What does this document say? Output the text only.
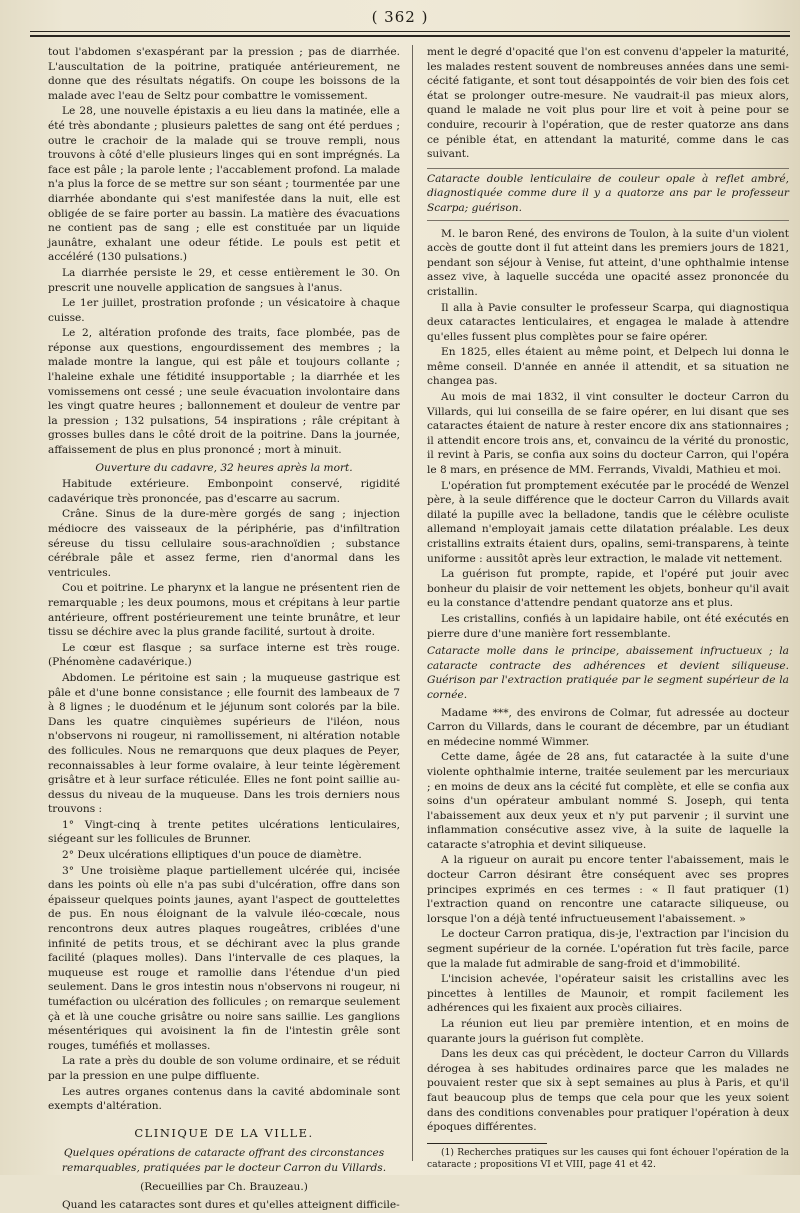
( 362 )

tout l'abdomen s'exaspérant par la pression ; pas de diarrhée. L'auscultation de la poitrine, pratiquée antérieurement, ne donne que des résultats négatifs. On coupe les boissons de la malade avec l'eau de Seltz pour combattre le vomissement.

Le 28, une nouvelle épistaxis a eu lieu dans la matinée, elle a été très abondante ; plusieurs palettes de sang ont été perdues ; outre le crachoir de la malade qui se trouve rempli, nous trouvons à côté d'elle plusieurs linges qui en sont imprégnés. La face est pâle ; la parole lente ; l'accablement profond. La malade n'a plus la force de se mettre sur son séant ; tourmentée par une diarrhée abondante qui s'est manifestée dans la nuit, elle est obligée de se faire porter au bassin. La matière des évacuations ne contient pas de sang ; elle est constituée par un liquide jaunâtre, exhalant une odeur fétide. Le pouls est petit et accéléré (130 pulsations.)

La diarrhée persiste le 29, et cesse entièrement le 30. On prescrit une nouvelle application de sangsues à l'anus.

Le 1er juillet, prostration profonde ; un vésicatoire à chaque cuisse.

Le 2, altération profonde des traits, face plombée, pas de réponse aux questions, engourdissement des membres ; la malade montre la langue, qui est pâle et toujours collante ; l'haleine exhale une fétidité insupportable ; la diarrhée et les vomissemens ont cessé ; une seule évacuation involontaire dans les vingt quatre heures ; ballonnement et douleur de ventre par la pression ; 132 pulsations, 54 inspirations ; râle crépitant à grosses bulles dans le côté droit de la poitrine. Dans la journée, affaissement de plus en plus prononcé ; mort à minuit.

Ouverture du cadavre, 32 heures après la mort.

Habitude extérieure. Embonpoint conservé, rigidité cadavérique très prononcée, pas d'escarre au sacrum.

Crâne. Sinus de la dure-mère gorgés de sang ; injection médiocre des vaisseaux de la périphérie, pas d'infiltration séreuse du tissu cellulaire sous-arachnoïdien ; substance cérébrale pâle et assez ferme, rien d'anormal dans les ventricules.

Cou et poitrine. Le pharynx et la langue ne présentent rien de remarquable ; les deux poumons, mous et crépitans à leur partie antérieure, offrent postérieurement une teinte brunâtre, et leur tissu se déchire avec la plus grande facilité, surtout à droite.

Le cœur est flasque ; sa surface interne est très rouge. (Phénomène cadavérique.)

Abdomen. Le péritoine est sain ; la muqueuse gastrique est pâle et d'une bonne consistance ; elle fournit des lambeaux de 7 à 8 lignes ; le duodénum et le jéjunum sont colorés par la bile. Dans les quatre cinquièmes supérieurs de l'iléon, nous n'observons ni rougeur, ni ramollissement, ni altération notable des follicules. Nous ne remarquons que deux plaques de Peyer, reconnaissables à leur forme ovalaire, à leur teinte légèrement grisâtre et à leur surface réticulée. Elles ne font point saillie au-dessus du niveau de la muqueuse. Dans les trois derniers nous trouvons :

1° Vingt-cinq à trente petites ulcérations lenticulaires, siégeant sur les follicules de Brunner.

2° Deux ulcérations elliptiques d'un pouce de diamètre.

3° Une troisième plaque partiellement ulcérée qui, incisée dans les points où elle n'a pas subi d'ulcération, offre dans son épaisseur quelques points jaunes, ayant l'aspect de gouttelettes de pus. En nous éloignant de la valvule iléo-cœcale, nous rencontrons deux autres plaques rougeâtres, criblées d'une infinité de petits trous, et se déchirant avec la plus grande facilité (plaques molles). Dans l'intervalle de ces plaques, la muqueuse est rouge et ramollie dans l'étendue d'un pied seulement. Dans le gros intestin nous n'observons ni rougeur, ni tuméfaction ou ulcération des follicules ; on remarque seulement çà et là une couche grisâtre ou noire sans saillie. Les ganglions mésentériques qui avoisinent la fin de l'intestin grêle sont rouges, tuméfiés et mollasses.

La rate a près du double de son volume ordinaire, et se réduit par la pression en une pulpe diffluente.

Les autres organes contenus dans la cavité abdominale sont exempts d'altération.

CLINIQUE DE LA VILLE.

Quelques opérations de cataracte offrant des circonstances remarquables, pratiquées par le docteur Carron du Villards.

(Recueillies par Ch. Brauzeau.)

Quand les cataractes sont dures et qu'elles atteignent difficile-

ment le degré d'opacité que l'on est convenu d'appeler la maturité, les malades restent souvent de nombreuses années dans une semi-cécité fatigante, et sont tout désappointés de voir bien des fois cet état se prolonger outre-mesure. Ne vaudrait-il pas mieux alors, quand le malade ne voit plus pour lire et voit à peine pour se conduire, recourir à l'opération, que de rester quatorze ans dans ce pénible état, en attendant la maturité, comme dans le cas suivant.

Cataracte double lenticulaire de couleur opale à reflet ambré, diagnostiquée comme dure il y a quatorze ans par le professeur Scarpa; guérison.

M. le baron René, des environs de Toulon, à la suite d'un violent accès de goutte dont il fut atteint dans les premiers jours de 1821, pendant son séjour à Venise, fut atteint, d'une ophthalmie intense assez vive, à laquelle succéda une opacité assez prononcée du cristallin.

Il alla à Pavie consulter le professeur Scarpa, qui diagnostiqua deux cataractes lenticulaires, et engagea le malade à attendre qu'elles fussent plus complètes pour se faire opérer.

En 1825, elles étaient au même point, et Delpech lui donna le même conseil. D'année en année il attendit, et sa situation ne changea pas.

Au mois de mai 1832, il vint consulter le docteur Carron du Villards, qui lui conseilla de se faire opérer, en lui disant que ses cataractes étaient de nature à rester encore dix ans stationnaires ; il attendit encore trois ans, et, convaincu de la vérité du pronostic, il revint à Paris, se confia aux soins du docteur Carron, qui l'opéra le 8 mars, en présence de MM. Ferrands, Vivaldi, Mathieu et moi.

L'opération fut promptement exécutée par le procédé de Wenzel père, à la seule différence que le docteur Carron du Villards avait dilaté la pupille avec la belladone, tandis que le célèbre oculiste allemand n'employait jamais cette dilatation préalable. Les deux cristallins extraits étaient durs, opalins, semi-transparens, à teinte uniforme : aussitôt après leur extraction, le malade vit nettement.

La guérison fut prompte, rapide, et l'opéré put jouir avec bonheur du plaisir de voir nettement les objets, bonheur qu'il avait eu la constance d'attendre pendant quatorze ans et plus.

Les cristallins, confiés à un lapidaire habile, ont été exécutés en pierre dure d'une manière fort ressemblante.

Cataracte molle dans le principe, abaissement infructueux ; la cataracte contracte des adhérences et devient siliqueuse. Guérison par l'extraction pratiquée par le segment supérieur de la cornée.

Madame ***, des environs de Colmar, fut adressée au docteur Carron du Villards, dans le courant de décembre, par un étudiant en médecine nommé Wimmer.

Cette dame, âgée de 28 ans, fut cataractée à la suite d'une violente ophthalmie interne, traitée seulement par les mercuriaux ; en moins de deux ans la cécité fut complète, et elle se confia aux soins d'un opérateur ambulant nommé S. Joseph, qui tenta l'abaissement aux deux yeux et n'y put parvenir ; il survint une inflammation consécutive assez vive, à la suite de laquelle la cataracte s'atrophia et devint siliqueuse.

A la rigueur on aurait pu encore tenter l'abaissement, mais le docteur Carron désirant être conséquent avec ses propres principes exprimés en ces termes : « Il faut pratiquer (1) l'extraction quand on rencontre une cataracte siliqueuse, ou lorsque l'on a déjà tenté infructueusement l'abaissement. »

Le docteur Carron pratiqua, dis-je, l'extraction par l'incision du segment supérieur de la cornée. L'opération fut très facile, parce que la malade fut admirable de sang-froid et d'immobilité.

L'incision achevée, l'opérateur saisit les cristallins avec les pincettes à lentilles de Maunoir, et rompit facilement les adhérences qui les fixaient aux procès ciliaires.

La réunion eut lieu par première intention, et en moins de quarante jours la guérison fut complète.

Dans les deux cas qui précèdent, le docteur Carron du Villards dérogea à ses habitudes ordinaires parce que les malades ne pouvaient rester que six à sept semaines au plus à Paris, et qu'il faut beaucoup plus de temps que cela pour que les yeux soient dans des conditions convenables pour pratiquer l'opération à deux époques différentes.

(1) Recherches pratiques sur les causes qui font échouer l'opération de la cataracte ; propositions VI et VIII, page 41 et 42.
